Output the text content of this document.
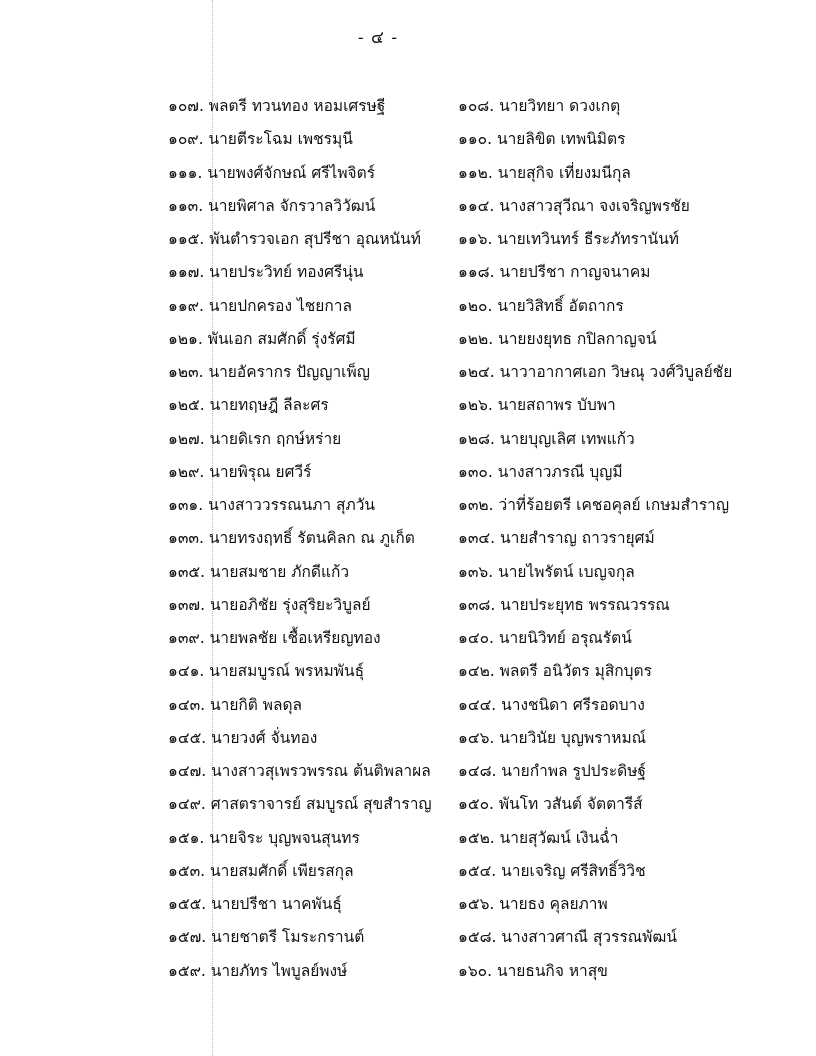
- ๔ -
๑๐๗. พลตรี ทวนทอง หอมเศรษฐี	๑๐๘. นายวิทยา ดวงเกตุ
๑๐๙. นายตีระโฉม เพชรมุนี	๑๑๐. นายลิขิต เทพนิมิตร
๑๑๑. นายพงศ์จักษณ์ ศรีไพจิตร์	๑๑๒. นายสุกิจ เที่ยงมนีกุล
๑๑๓. นายพิศาล จักรวาลวิวัฒน์	๑๑๔. นางสาวสุวีณา จงเจริญพรชัย
๑๑๕. พันตำรวจเอก สุปรีชา อุณหนันท์	๑๑๖. นายเทวินทร์ ธีระภัทรานันท์
๑๑๗. นายประวิทย์ ทองศรีนุ่น	๑๑๘. นายปรีชา กาญจนาคม
๑๑๙. นายปกครอง ไชยกาล	๑๒๐. นายวิสิทธิ์ อัตถากร
๑๒๑. พันเอก สมศักดิ์ รุ่งรัศมี	๑๒๒. นายยงยุทธ กปิลกาญจน์
๑๒๓. นายอัครากร ปัญญาเพ็ญ	๑๒๔. นาวาอากาศเอก วิษณุ วงศ์วิบูลย์ชัย
๑๒๕. นายทฤษฎี ลีละศร	๑๒๖. นายสถาพร บับพา
๑๒๗. นายดิเรก ฤกษ์หร่าย	๑๒๘. นายบุญเลิศ เทพแก้ว
๑๒๙. นายพิรุณ ยศวีร์	๑๓๐. นางสาวภรณี บุญมี
๑๓๑. นางสาววรรณนภา สุภวัน	๑๓๒. ว่าที่ร้อยตรี เคชอคุลย์ เกษมสำราญ
๑๓๓. นายทรงฤทธิ์ รัตนคิลก ณ ภูเก็ต	๑๓๔. นายสำราญ ถาวรายุศม์
๑๓๕. นายสมชาย ภักดีแก้ว	๑๓๖. นายไพรัตน์ เบญจกุล
๑๓๗. นายอภิชัย รุ่งสุริยะวิบูลย์	๑๓๘. นายประยุทธ พรรณวรรณ
๑๓๙. นายพลชัย เชื้อเหรียญทอง	๑๔๐. นายนิวิทย์ อรุณรัตน์
๑๔๑. นายสมบูรณ์ พรหมพันธุ์	๑๔๒. พลตรี อนิวัตร มุสิกบุตร
๑๔๓. นายกิติ พลดุล	๑๔๔. นางชนิดา ศรีรอดบาง
๑๔๕. นายวงศ์ จั่นทอง	๑๔๖. นายวินัย บุญพราหมณ์
๑๔๗. นางสาวสุเพรวพรรณ ต้นติพลาผล	๑๔๘. นายกำพล รูปประดิษฐ์
๑๔๙. ศาสตราจารย์ สมบูรณ์ สุขสำราญ	๑๕๐. พันโท วสันต์ จัตตารีส์
๑๕๑. นายจิระ บุญพจนสุนทร	๑๕๒. นายสุวัฒน์ เงินฉ่ำ
๑๕๓. นายสมศักดิ์ เพียรสกุล	๑๕๔. นายเจริญ ศรีสิทธิ์วิวิช
๑๕๕. นายปรีชา นาคพันธุ์	๑๕๖. นายธง คุลยภาพ
๑๕๗. นายชาตรี โมระกรานต์	๑๕๘. นางสาวศาณี สุวรรณพัฒน์
๑๕๙. นายภัทร ไพบูลย์พงษ์	๑๖๐. นายธนกิจ หาสุข
